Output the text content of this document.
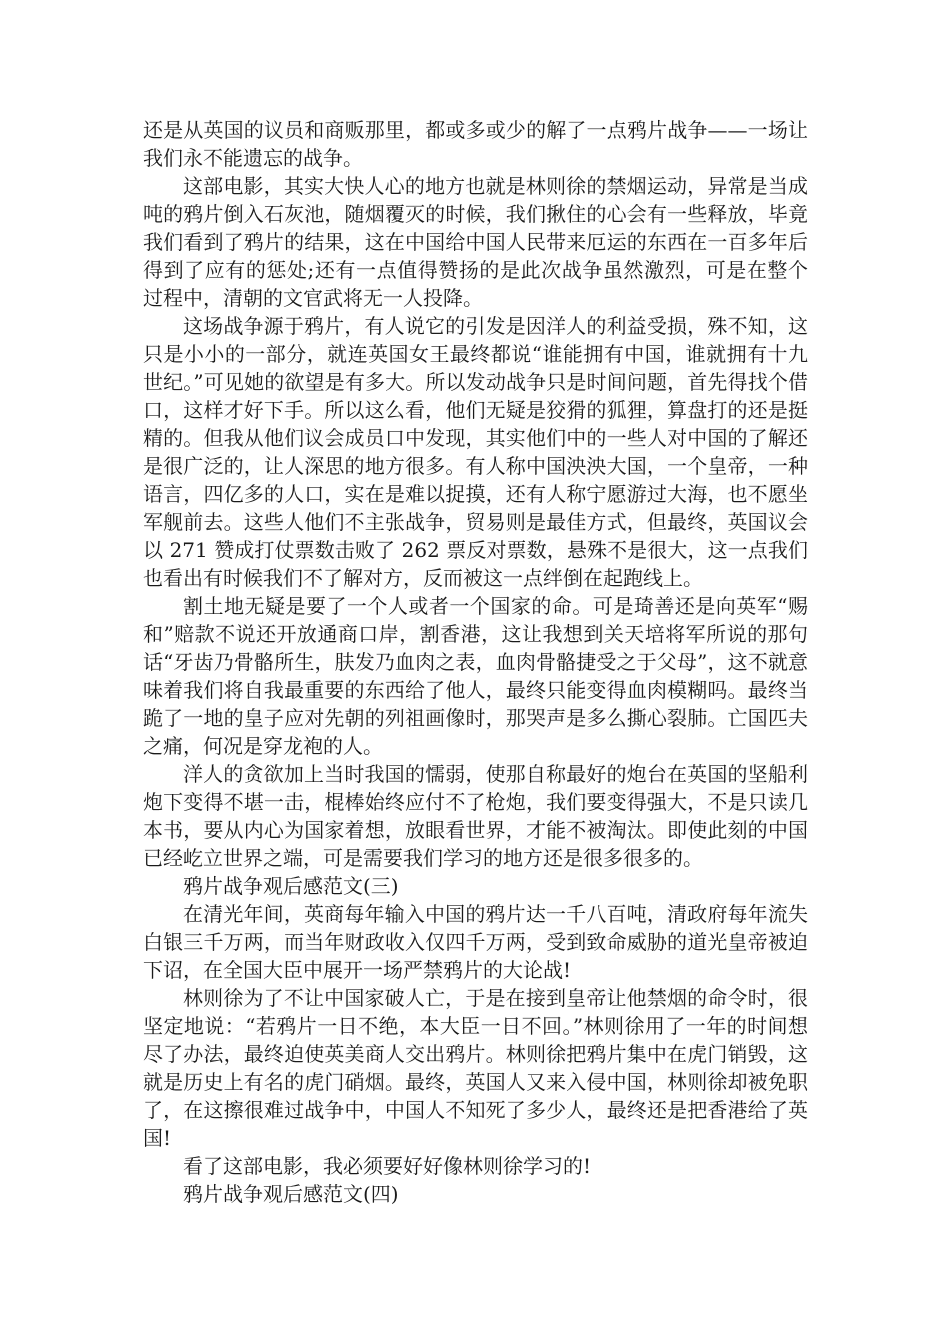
还是从英国的议员和商贩那里，都或多或少的解了一点鸦片战争——一场让我们永不能遗忘的战争。

这部电影，其实大快人心的地方也就是林则徐的禁烟运动，异常是当成吨的鸦片倒入石灰池，随烟覆灭的时候，我们揪住的心会有一些释放，毕竟我们看到了鸦片的结果，这在中国给中国人民带来厄运的东西在一百多年后得到了应有的惩处;还有一点值得赞扬的是此次战争虽然激烈，可是在整个过程中，清朝的文官武将无一人投降。

这场战争源于鸦片，有人说它的引发是因洋人的利益受损，殊不知，这只是小小的一部分，就连英国女王最终都说“谁能拥有中国，谁就拥有十九世纪。”可见她的欲望是有多大。所以发动战争只是时间问题，首先得找个借口，这样才好下手。所以这么看，他们无疑是狡猾的狐狸，算盘打的还是挺精的。但我从他们议会成员口中发现，其实他们中的一些人对中国的了解还是很广泛的，让人深思的地方很多。有人称中国泱泱大国，一个皇帝，一种语言，四亿多的人口，实在是难以捉摸，还有人称宁愿游过大海，也不愿坐军舰前去。这些人他们不主张战争，贸易则是最佳方式，但最终，英国议会以 271 赞成打仗票数击败了 262 票反对票数，悬殊不是很大，这一点我们也看出有时候我们不了解对方，反而被这一点绊倒在起跑线上。

割土地无疑是要了一个人或者一个国家的命。可是琦善还是向英军“赐和”赔款不说还开放通商口岸，割香港，这让我想到关天培将军所说的那句话“牙齿乃骨骼所生，肤发乃血肉之表，血肉骨骼捷受之于父母”，这不就意味着我们将自我最重要的东西给了他人，最终只能变得血肉模糊吗。最终当跪了一地的皇子应对先朝的列祖画像时，那哭声是多么撕心裂肺。亡国匹夫之痛，何况是穿龙袍的人。

洋人的贪欲加上当时我国的懦弱，使那自称最好的炮台在英国的坚船利炮下变得不堪一击，棍棒始终应付不了枪炮，我们要变得强大，不是只读几本书，要从内心为国家着想，放眼看世界，才能不被淘汰。即使此刻的中国已经屹立世界之端，可是需要我们学习的地方还是很多很多的。

鸦片战争观后感范文(三)

在清光年间，英商每年输入中国的鸦片达一千八百吨，清政府每年流失白银三千万两，而当年财政收入仅四千万两，受到致命威胁的道光皇帝被迫下诏，在全国大臣中展开一场严禁鸦片的大论战!

林则徐为了不让中国家破人亡，于是在接到皇帝让他禁烟的命令时，很坚定地说：“若鸦片一日不绝，本大臣一日不回。”林则徐用了一年的时间想尽了办法，最终迫使英美商人交出鸦片。林则徐把鸦片集中在虎门销毁，这就是历史上有名的虎门硝烟。最终，英国人又来入侵中国，林则徐却被免职了，在这擦很难过战争中，中国人不知死了多少人，最终还是把香港给了英国!

看了这部电影，我必须要好好像林则徐学习的!

鸦片战争观后感范文(四)
